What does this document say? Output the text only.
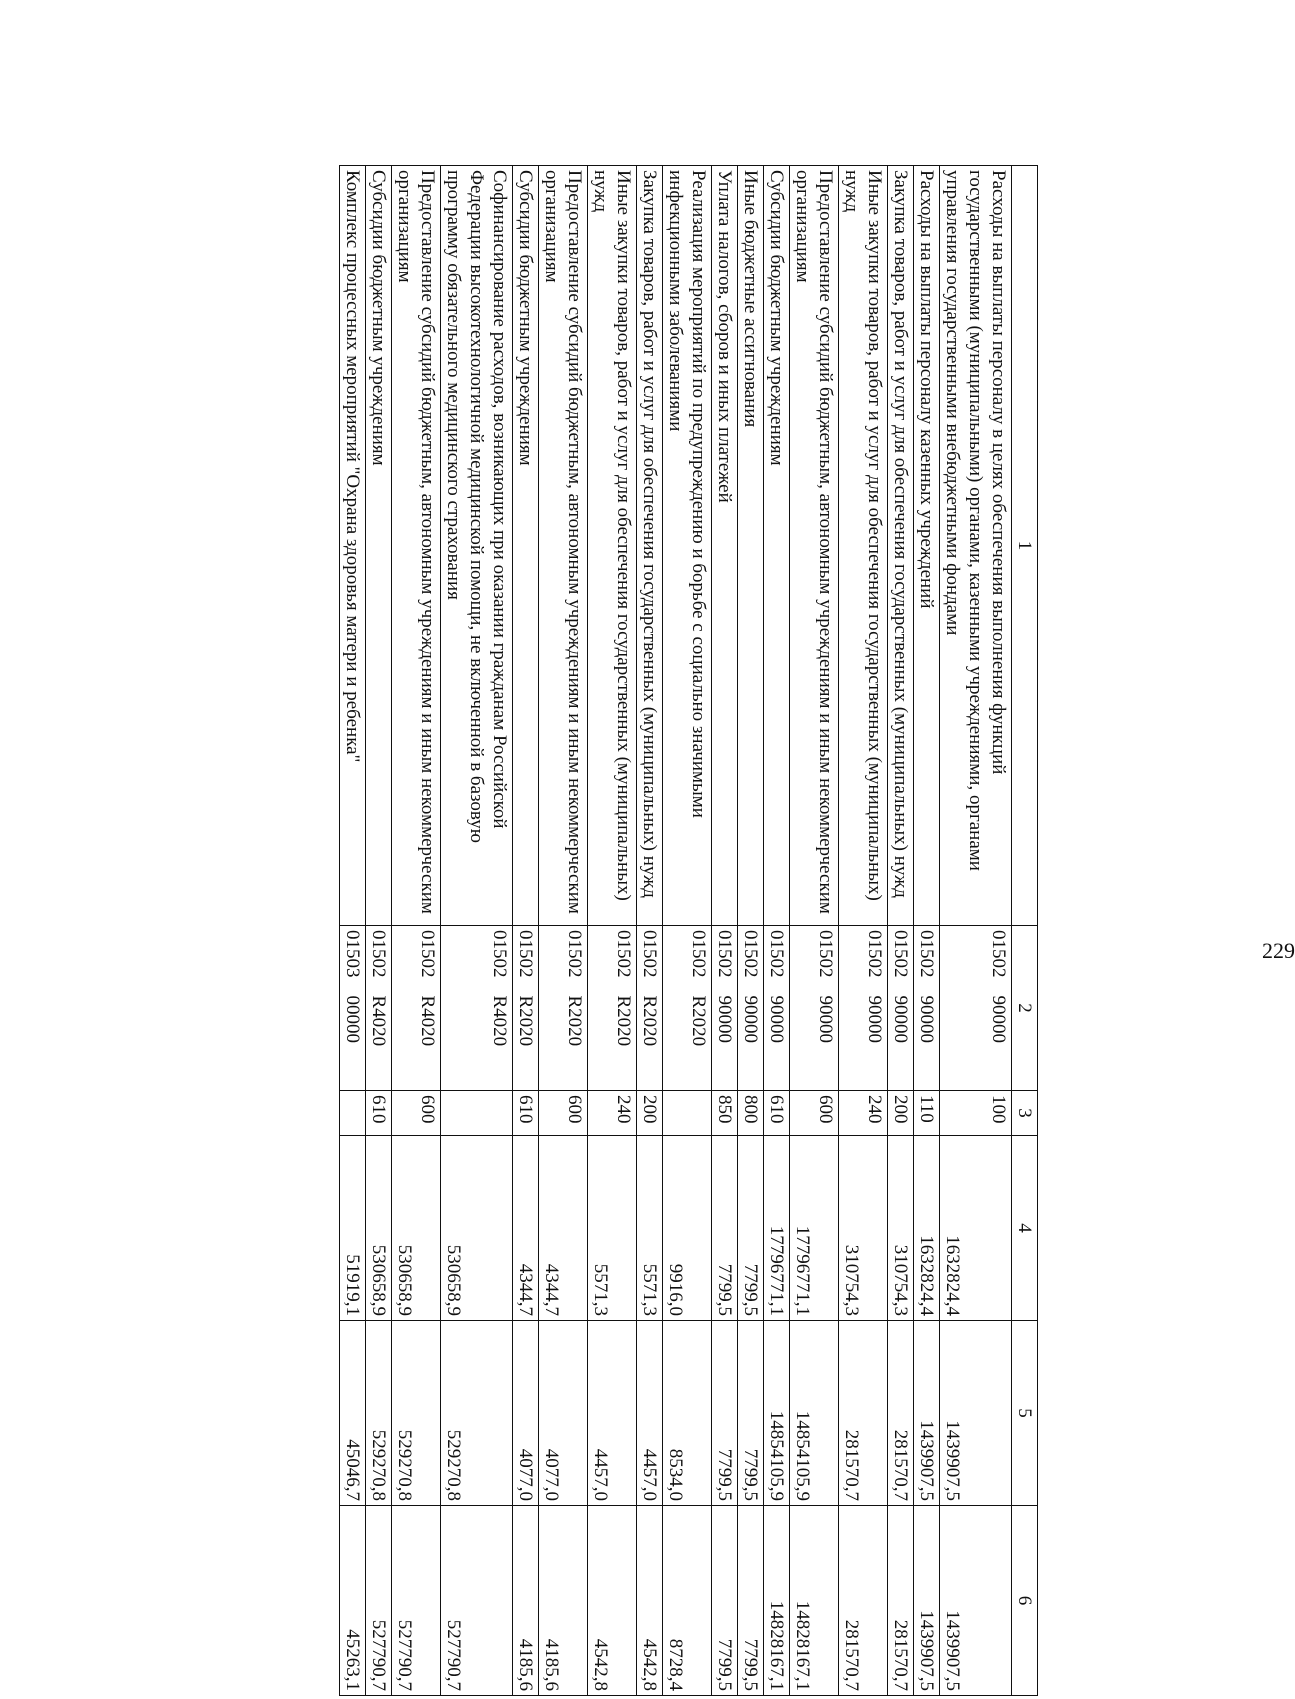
229
1	2	3	4	5	6
Расходы на выплаты персоналу в целях обеспечения выполнения функций государственными (муниципальными) органами, казенными учреждениями, органами управления государственными внебюджетными фондами	0150290000	100	1632824,4	1439907,5	1439907,5
Расходы на выплаты персоналу казенных учреждений	0150290000	110	1632824,4	1439907,5	1439907,5
Закупка товаров, работ и услуг для обеспечения государственных (муниципальных) нужд	0150290000	200	310754,3	281570,7	281570,7
Иные закупки товаров, работ и услуг для обеспечения государственных (муниципальных) нужд	0150290000	240	310754,3	281570,7	281570,7
Предоставление субсидий бюджетным, автономным учреждениям и иным некоммерческим организациям	0150290000	600	17796771,1	14854105,9	14828167,1
Субсидии бюджетным учреждениям	0150290000	610	17796771,1	14854105,9	14828167,1
Иные бюджетные ассигнования	0150290000	800	7799,5	7799,5	7799,5
Уплата налогов, сборов и иных платежей	0150290000	850	7799,5	7799,5	7799,5
Реализация мероприятий по предупреждению и борьбе с социально значимыми инфекционными заболеваниями	01502R2020		9916,0	8534,0	8728,4
Закупка товаров, работ и услуг для обеспечения государственных (муниципальных) нужд	01502R2020	200	5571,3	4457,0	4542,8
Иные закупки товаров, работ и услуг для обеспечения государственных (муниципальных) нужд	01502R2020	240	5571,3	4457,0	4542,8
Предоставление субсидий бюджетным, автономным учреждениям и иным некоммерческим организациям	01502R2020	600	4344,7	4077,0	4185,6
Субсидии бюджетным учреждениям	01502R2020	610	4344,7	4077,0	4185,6
Софинансирование расходов, возникающих при оказании гражданам Российской Федерации высокотехнологичной медицинской помощи, не включенной в базовую программу обязательного медицинского страхования	01502R4020		530658,9	529270,8	527790,7
Предоставление субсидий бюджетным, автономным учреждениям и иным некоммерческим организациям	01502R4020	600	530658,9	529270,8	527790,7
Субсидии бюджетным учреждениям	01502R4020	610	530658,9	529270,8	527790,7
Комплекс процессных мероприятий "Охрана здоровья матери и ребенка"	0150300000		51919,1	45046,7	45263,1
